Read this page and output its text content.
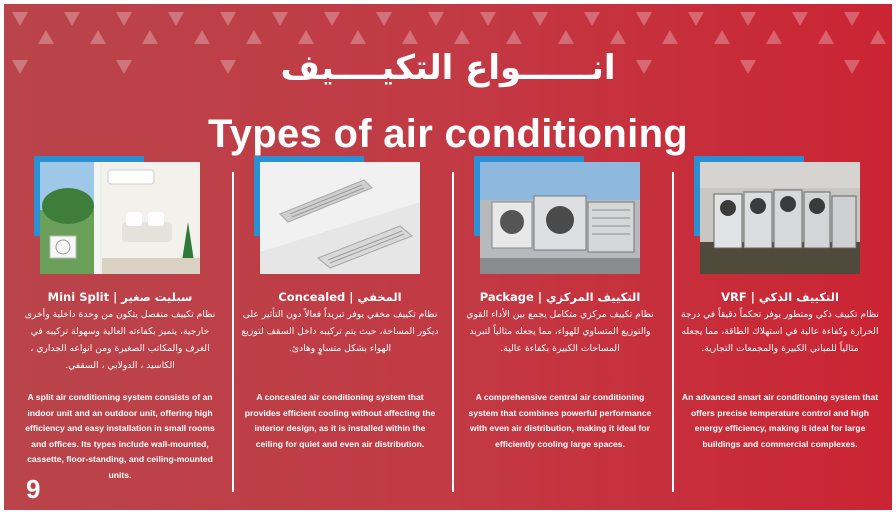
انــــــواع التكيــــيف
Types of air conditioning
سبليت صغير | Mini Split
نظام تكييف منفصل يتكون من وحدة داخلية وأخرى خارجية، يتميز بكفاءته العالية وسهولة تركيبه في الغرف والمكاتب الصغيرة ومن انواعه الجداري ، الكاسيد ، الدولابي ، السقفي.
A split air conditioning system consists of an indoor unit and an outdoor unit, offering high efficiency and easy installation in small rooms and offices. Its types include wall-mounted, cassette, floor-standing, and ceiling-mounted units.
المخفي | Concealed
نظام تكييف مخفي يوفر تبريداً فعالاً دون التأثير على ديكور المساحة، حيث يتم تركيبه داخل السقف لتوزيع الهواء بشكل متساوٍ وهادئ.
A concealed air conditioning system that provides efficient cooling without affecting the interior design, as it is installed within the ceiling for quiet and even air distribution.
التكييف المركزي | Package
نظام تكييف مركزي متكامل يجمع بين الأداء القوي والتوزيع المتساوي للهواء، مما يجعله مثالياً لتبريد المساحات الكبيرة بكفاءة عالية.
A comprehensive central air conditioning system that combines powerful performance with even air distribution, making it ideal for efficiently cooling large spaces.
التكييف الذكي | VRF
نظام تكييف ذكي ومتطور يوفر تحكماً دقيقاً في درجة الحرارة وكفاءة عالية في استهلاك الطاقة، مما يجعله مثالياً للمباني الكبيرة والمجمعات التجارية.
An advanced smart air conditioning system that offers precise temperature control and high energy efficiency, making it ideal for large buildings and commercial complexes.
9
